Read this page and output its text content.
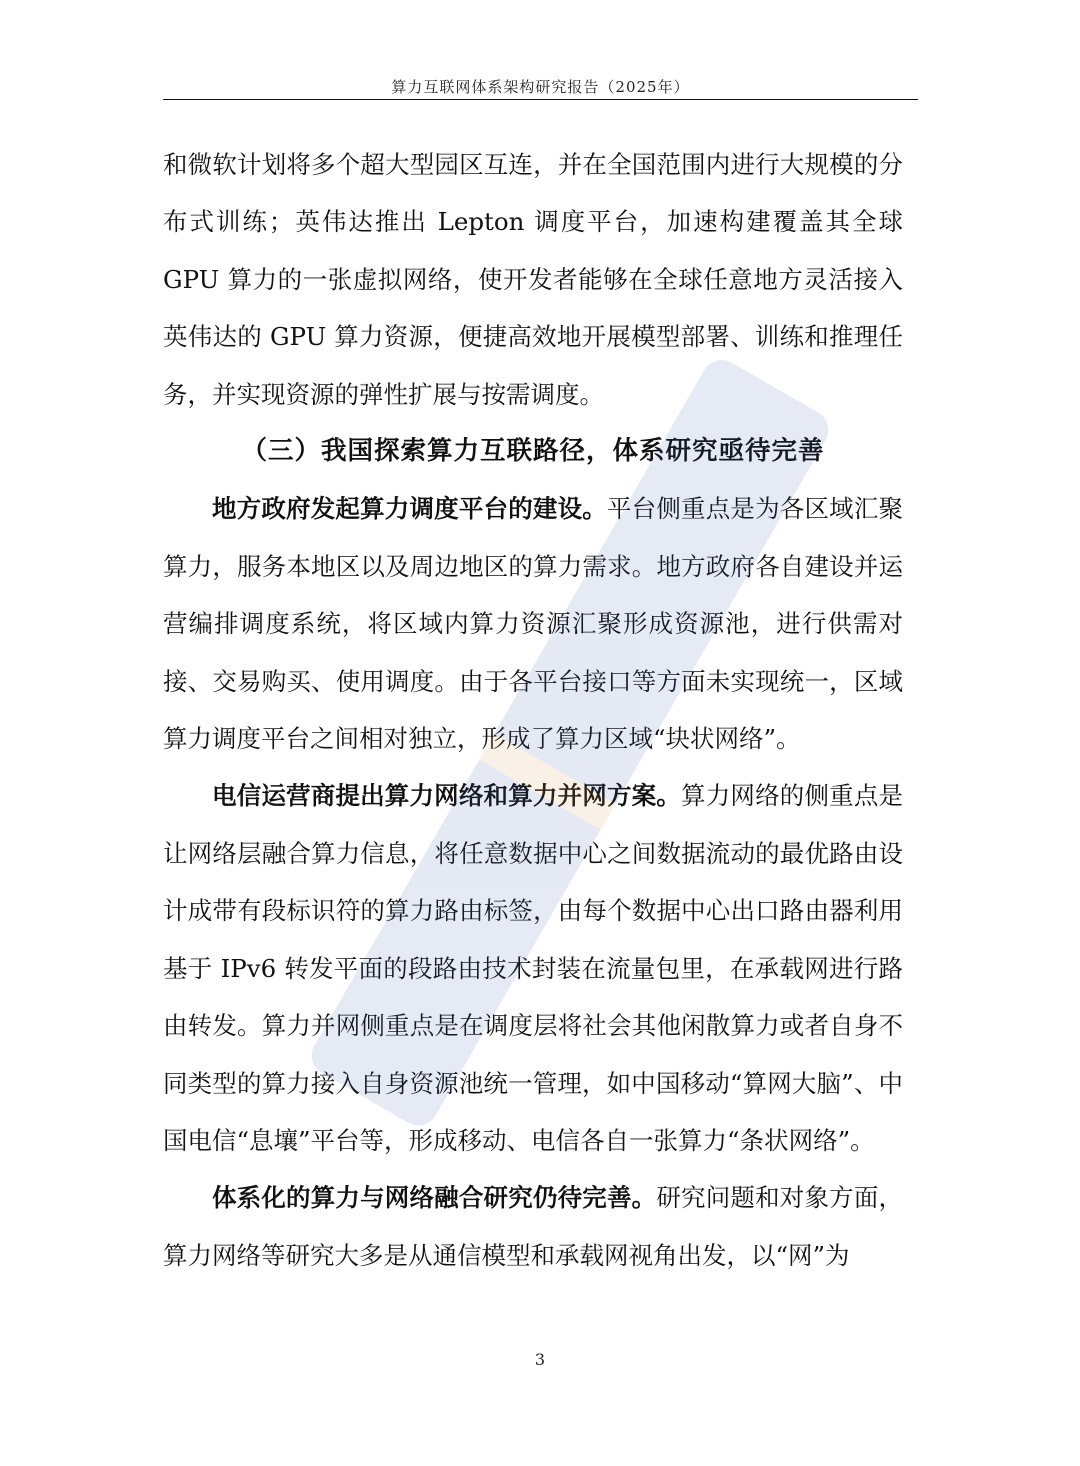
算力互联网体系架构研究报告（2025年）

和微软计划将多个超大型园区互连，并在全国范围内进行大规模的分布式训练；英伟达推出 Lepton 调度平台，加速构建覆盖其全球 GPU 算力的一张虚拟网络，使开发者能够在全球任意地方灵活接入英伟达的 GPU 算力资源，便捷高效地开展模型部署、训练和推理任务，并实现资源的弹性扩展与按需调度。

（三）我国探索算力互联路径，体系研究亟待完善

地方政府发起算力调度平台的建设。平台侧重点是为各区域汇聚算力，服务本地区以及周边地区的算力需求。地方政府各自建设并运营编排调度系统，将区域内算力资源汇聚形成资源池，进行供需对接、交易购买、使用调度。由于各平台接口等方面未实现统一，区域算力调度平台之间相对独立，形成了算力区域“块状网络”。

电信运营商提出算力网络和算力并网方案。算力网络的侧重点是让网络层融合算力信息，将任意数据中心之间数据流动的最优路由设计成带有段标识符的算力路由标签，由每个数据中心出口路由器利用基于 IPv6 转发平面的段路由技术封装在流量包里，在承载网进行路由转发。算力并网侧重点是在调度层将社会其他闲散算力或者自身不同类型的算力接入自身资源池统一管理，如中国移动“算网大脑”、中国电信“息壤”平台等，形成移动、电信各自一张算力“条状网络”。

体系化的算力与网络融合研究仍待完善。研究问题和对象方面，算力网络等研究大多是从通信模型和承载网视角出发，以“网”为

3
